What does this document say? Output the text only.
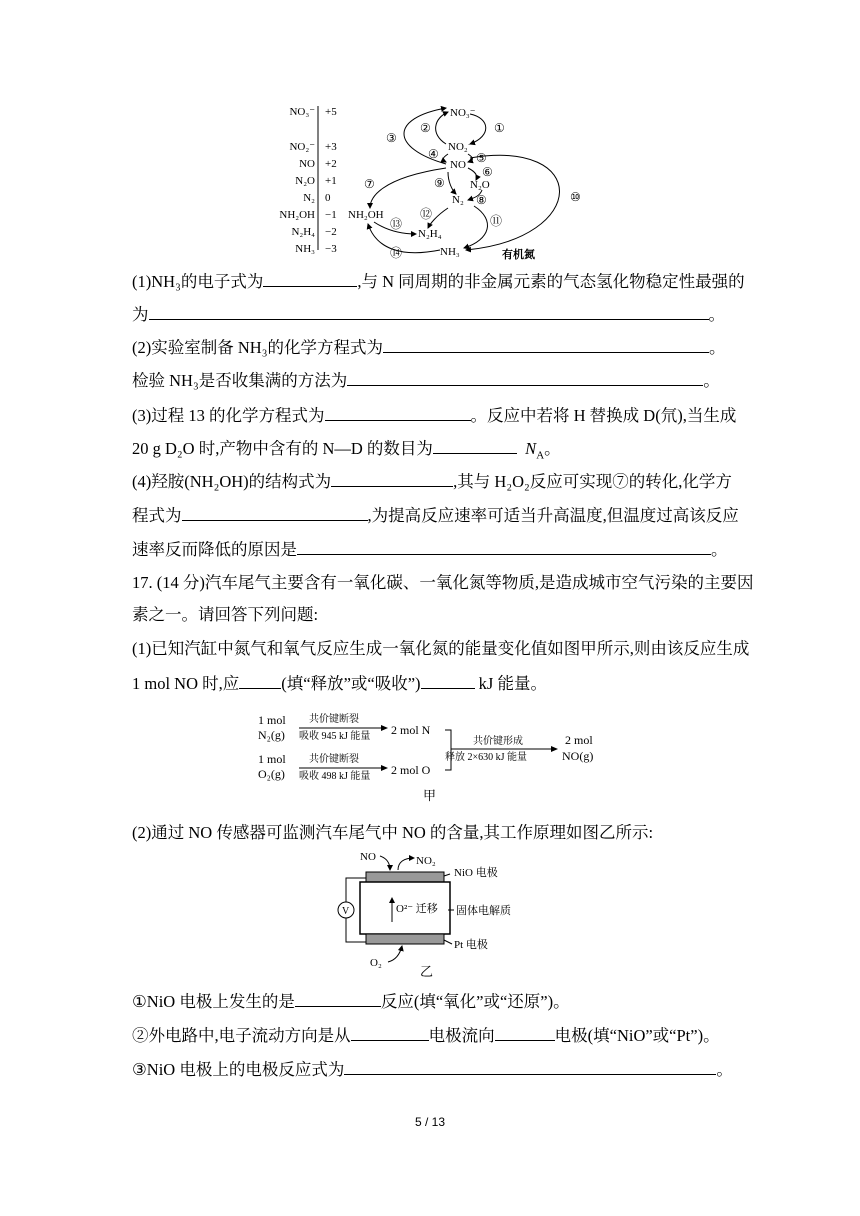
NO₃⁻ +5
NO₂⁻ +3
NO +2
N₂O +1
N₂ 0
NH₂OH −1
N₂H₄ −2
NH₃ −3
NO₃⁻
NO₂⁻
NO
N₂O
N₂
NH₂OH
N₂H₄
NH₃	有机氮
①
②
③
④	⑤
⑥
⑦
⑧
⑨
⑩
⑪
⑫
⑬
⑭
(1)NH₃的电子式为	,与 N 同周期的非金属元素的气态氢化物稳定性最强的
为	。
(2)实验室制备 NH₃的化学方程式为	。
检验 NH₃是否收集满的方法为	。
(3)过程 13 的化学方程式为	。反应中若将 H 替换成 D(氘),当生成
20 g D₂O 时,产物中含有的 N—D 的数目为	$N_A$。
(4)羟胺(NH₂OH)的结构式为	,其与 H₂O₂反应可实现⑦的转化,化学方
程式为	,为提高反应速率可适当升高温度,但温度过高该反应
速率反而降低的原因是	。
17. (14 分)汽车尾气主要含有一氧化碳、一氧化氮等物质,是造成城市空气污染的主要因
素之一。请回答下列问题:
(1)已知汽缸中氮气和氧气反应生成一氧化氮的能量变化值如图甲所示,则由该反应生成
1 mol NO 时,应	(填“释放”或“吸收”)	kJ 能量。
1 mol
N₂(g)
1 mol
O₂(g)
2 mol N
2 mol O
2 mol
NO(g)
共价键断裂
吸收 945 kJ 能量
共价键断裂
吸收 498 kJ 能量
共价键形成
释放 2×630 kJ 能量
甲
(2)通过 NO 传感器可监测汽车尾气中 NO 的含量,其工作原理如图乙所示:
V
NO	NO₂
NiO 电极
O²⁻ 迁移 固体电解质
Pt 电极
O₂
乙
①NiO 电极上发生的是	反应(填“氧化”或“还原”)。
②外电路中,电子流动方向是从	电极流向	电极(填“NiO”或“Pt”)。
③NiO 电极上的电极反应式为	。
5 / 13
